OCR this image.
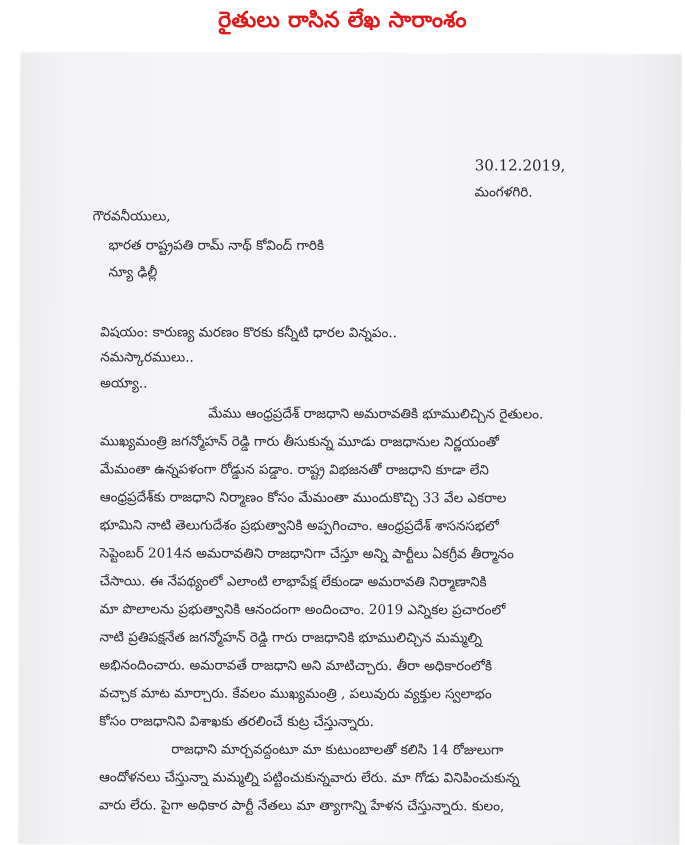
రైతులు రాసిన లేఖ సారాంశం
30.12.2019,
మంగళగిరి.
గౌరవనీయులు,
భారత రాష్ట్రపతి రామ్ నాథ్ కోవింద్ గారికి
న్యూ ఢిల్లీ
విషయం: కారుణ్య మరణం కొరకు కన్నీటి ధారల విన్నపం..
నమస్కారములు..
అయ్యా..
మేము ఆంధ్రప్రదేశ్ రాజధాని అమరావతికి భూములిచ్చిన రైతులం.
ముఖ్యమంత్రి జగన్మోహన్ రెడ్డి గారు తీసుకున్న మూడు రాజధానుల నిర్ణయంతో
మేమంతా ఉన్నపళంగా రోడ్డున పడ్డాం. రాష్ట్ర విభజనతో రాజధాని కూడా లేని
ఆంధ్రప్రదేశ్‌కు రాజధాని నిర్మాణం కోసం మేమంతా ముందుకొచ్చి 33 వేల ఎకరాల
భూమిని నాటి తెలుగుదేశం ప్రభుత్వానికి అప్పగించాం. ఆంధ్రప్రదేశ్ శాసనసభలో
సెప్టెంబర్ 2014న అమరావతిని రాజధానిగా చేస్తూ అన్ని పార్టీలు ఏకగ్రీవ తీర్మానం
చేసాయి. ఈ నేపథ్యంలో ఎలాంటి లాభాపేక్ష లేకుండా అమరావతి నిర్మాణానికి
మా పొలాలను ప్రభుత్వానికి ఆనందంగా అందించాం. 2019 ఎన్నికల ప్రచారంలో
నాటి ప్రతిపక్షనేత జగన్మోహన్ రెడ్డి గారు రాజధానికి భూములిచ్చిన మమ్మల్ని
అభినందించారు. అమరావతే రాజధాని అని మాటిచ్చారు. తీరా అధికారంలోకి
వచ్చాక మాట మార్చారు. కేవలం ముఖ్యమంత్రి , పలువురు వ్యక్తుల స్వలాభం
కోసం రాజధానిని విశాఖకు తరలించే కుట్ర చేస్తున్నారు.
రాజధాని మార్చవద్దంటూ మా కుటుంబాలతో కలిసి 14 రోజులుగా
ఆందోళనలు చేస్తున్నా మమ్మల్ని పట్టించుకున్నవారు లేరు. మా గోడు వినిపించుకున్న
వారు లేరు. పైగా అధికార పార్టీ నేతలు మా త్యాగాన్ని హేళన చేస్తున్నారు. కులం,
